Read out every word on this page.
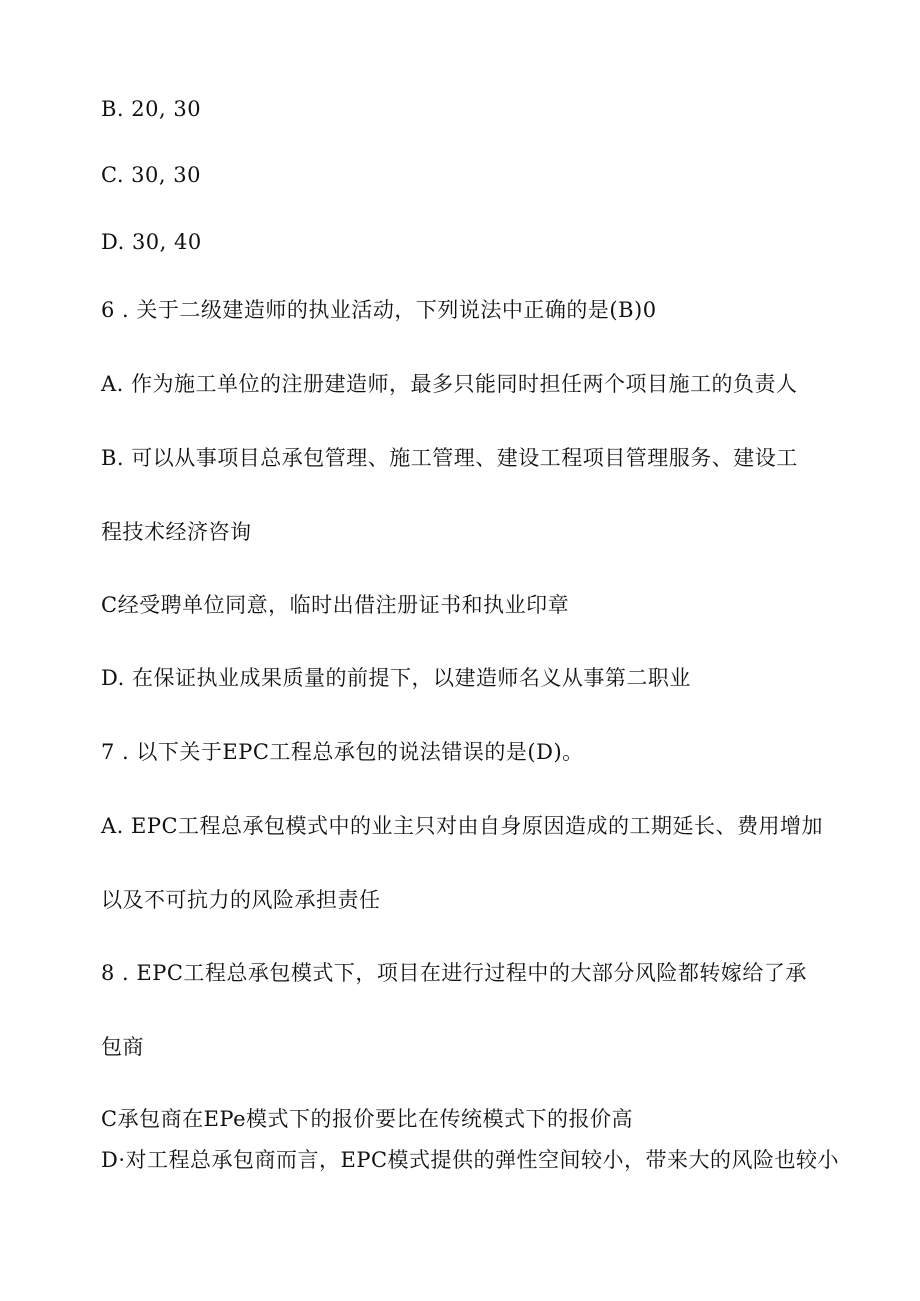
B. 20, 30

C. 30, 30

D. 30, 40

6 . 关于二级建造师的执业活动，下列说法中正确的是(B)0

A. 作为施工单位的注册建造师，最多只能同时担任两个项目施工的负责人

B. 可以从事项目总承包管理、施工管理、建设工程项目管理服务、建设工

程技术经济咨询

C经受聘单位同意，临时出借注册证书和执业印章

D. 在保证执业成果质量的前提下，以建造师名义从事第二职业

7 . 以下关于EPC工程总承包的说法错误的是(D)。

A. EPC工程总承包模式中的业主只对由自身原因造成的工期延长、费用增加

以及不可抗力的风险承担责任

8 . EPC工程总承包模式下，项目在进行过程中的大部分风险都转嫁给了承

包商

C承包商在EPe模式下的报价要比在传统模式下的报价高

D·对工程总承包商而言，EPC模式提供的弹性空间较小，带来大的风险也较小
